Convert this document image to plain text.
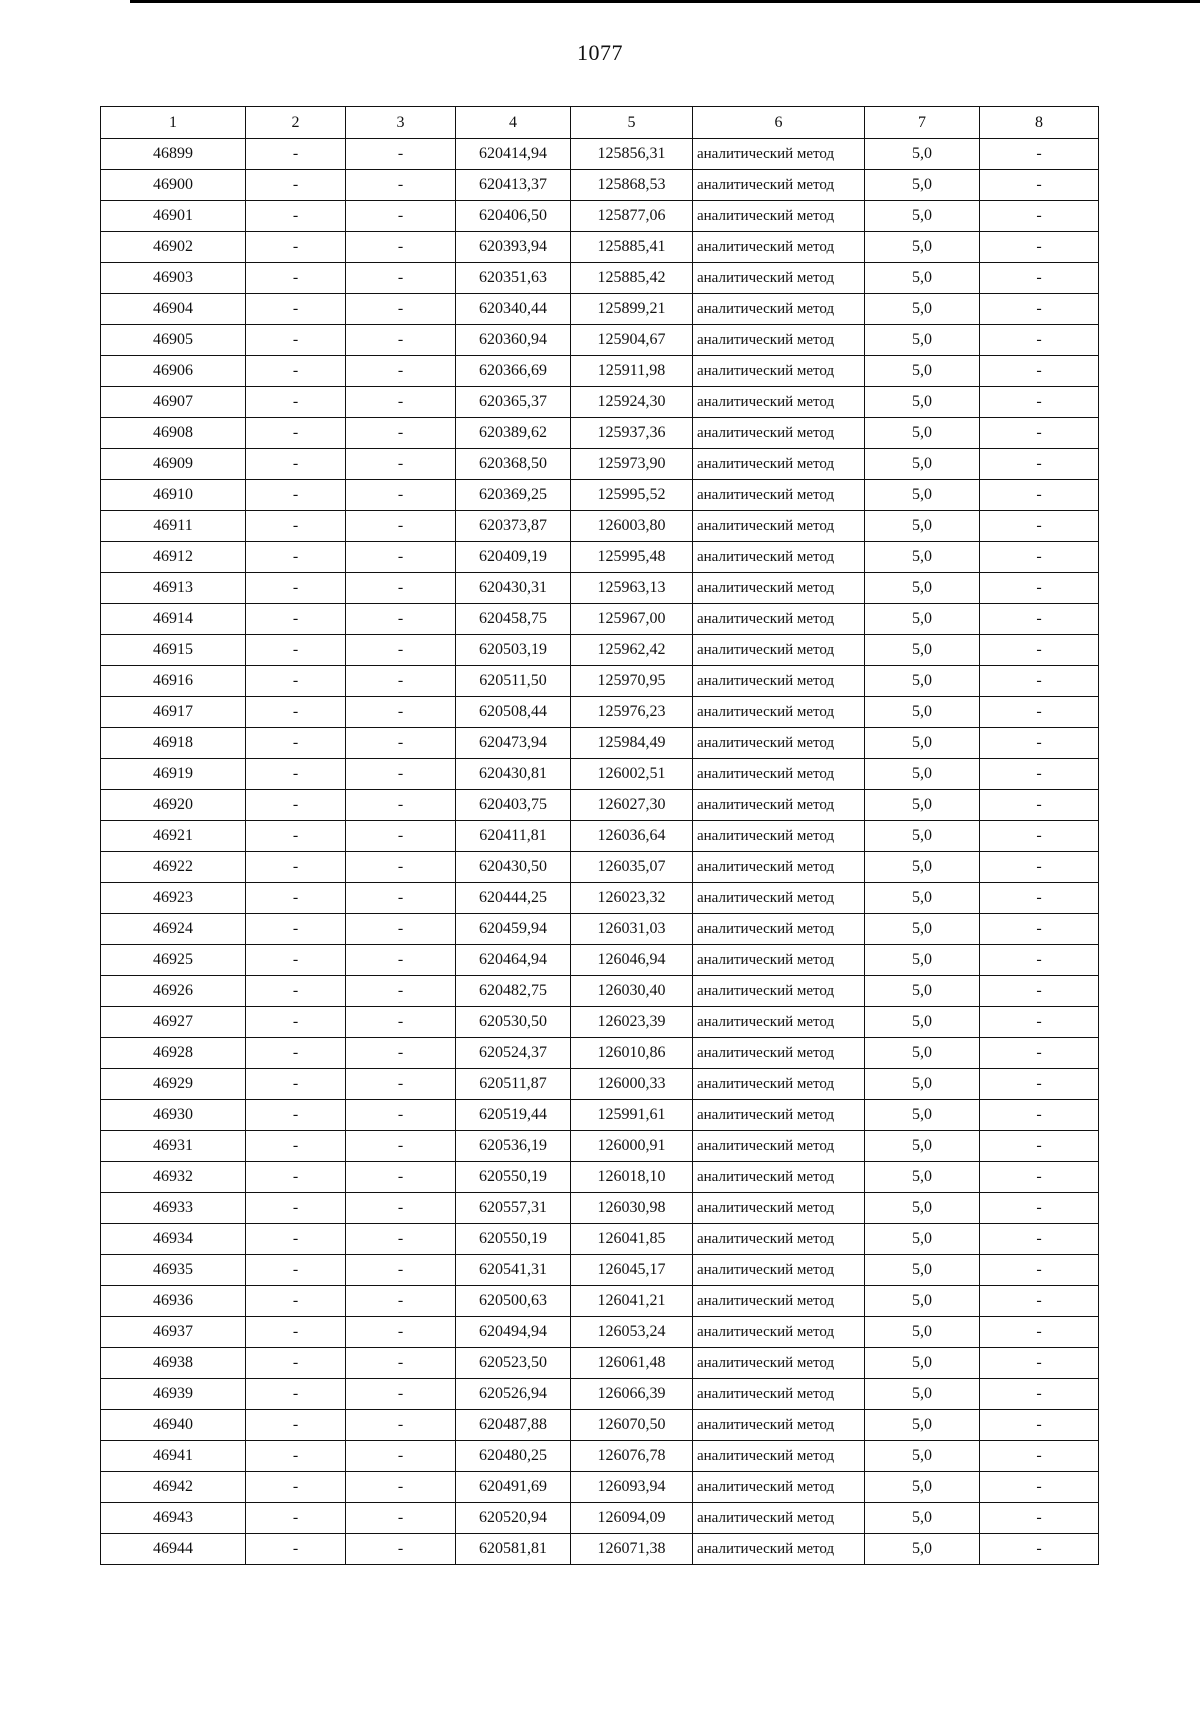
1077
1	2	3	4	5	6	7	8
46899	-	-	620414,94	125856,31	аналитический метод	5,0	-
46900	-	-	620413,37	125868,53	аналитический метод	5,0	-
46901	-	-	620406,50	125877,06	аналитический метод	5,0	-
46902	-	-	620393,94	125885,41	аналитический метод	5,0	-
46903	-	-	620351,63	125885,42	аналитический метод	5,0	-
46904	-	-	620340,44	125899,21	аналитический метод	5,0	-
46905	-	-	620360,94	125904,67	аналитический метод	5,0	-
46906	-	-	620366,69	125911,98	аналитический метод	5,0	-
46907	-	-	620365,37	125924,30	аналитический метод	5,0	-
46908	-	-	620389,62	125937,36	аналитический метод	5,0	-
46909	-	-	620368,50	125973,90	аналитический метод	5,0	-
46910	-	-	620369,25	125995,52	аналитический метод	5,0	-
46911	-	-	620373,87	126003,80	аналитический метод	5,0	-
46912	-	-	620409,19	125995,48	аналитический метод	5,0	-
46913	-	-	620430,31	125963,13	аналитический метод	5,0	-
46914	-	-	620458,75	125967,00	аналитический метод	5,0	-
46915	-	-	620503,19	125962,42	аналитический метод	5,0	-
46916	-	-	620511,50	125970,95	аналитический метод	5,0	-
46917	-	-	620508,44	125976,23	аналитический метод	5,0	-
46918	-	-	620473,94	125984,49	аналитический метод	5,0	-
46919	-	-	620430,81	126002,51	аналитический метод	5,0	-
46920	-	-	620403,75	126027,30	аналитический метод	5,0	-
46921	-	-	620411,81	126036,64	аналитический метод	5,0	-
46922	-	-	620430,50	126035,07	аналитический метод	5,0	-
46923	-	-	620444,25	126023,32	аналитический метод	5,0	-
46924	-	-	620459,94	126031,03	аналитический метод	5,0	-
46925	-	-	620464,94	126046,94	аналитический метод	5,0	-
46926	-	-	620482,75	126030,40	аналитический метод	5,0	-
46927	-	-	620530,50	126023,39	аналитический метод	5,0	-
46928	-	-	620524,37	126010,86	аналитический метод	5,0	-
46929	-	-	620511,87	126000,33	аналитический метод	5,0	-
46930	-	-	620519,44	125991,61	аналитический метод	5,0	-
46931	-	-	620536,19	126000,91	аналитический метод	5,0	-
46932	-	-	620550,19	126018,10	аналитический метод	5,0	-
46933	-	-	620557,31	126030,98	аналитический метод	5,0	-
46934	-	-	620550,19	126041,85	аналитический метод	5,0	-
46935	-	-	620541,31	126045,17	аналитический метод	5,0	-
46936	-	-	620500,63	126041,21	аналитический метод	5,0	-
46937	-	-	620494,94	126053,24	аналитический метод	5,0	-
46938	-	-	620523,50	126061,48	аналитический метод	5,0	-
46939	-	-	620526,94	126066,39	аналитический метод	5,0	-
46940	-	-	620487,88	126070,50	аналитический метод	5,0	-
46941	-	-	620480,25	126076,78	аналитический метод	5,0	-
46942	-	-	620491,69	126093,94	аналитический метод	5,0	-
46943	-	-	620520,94	126094,09	аналитический метод	5,0	-
46944	-	-	620581,81	126071,38	аналитический метод	5,0	-
